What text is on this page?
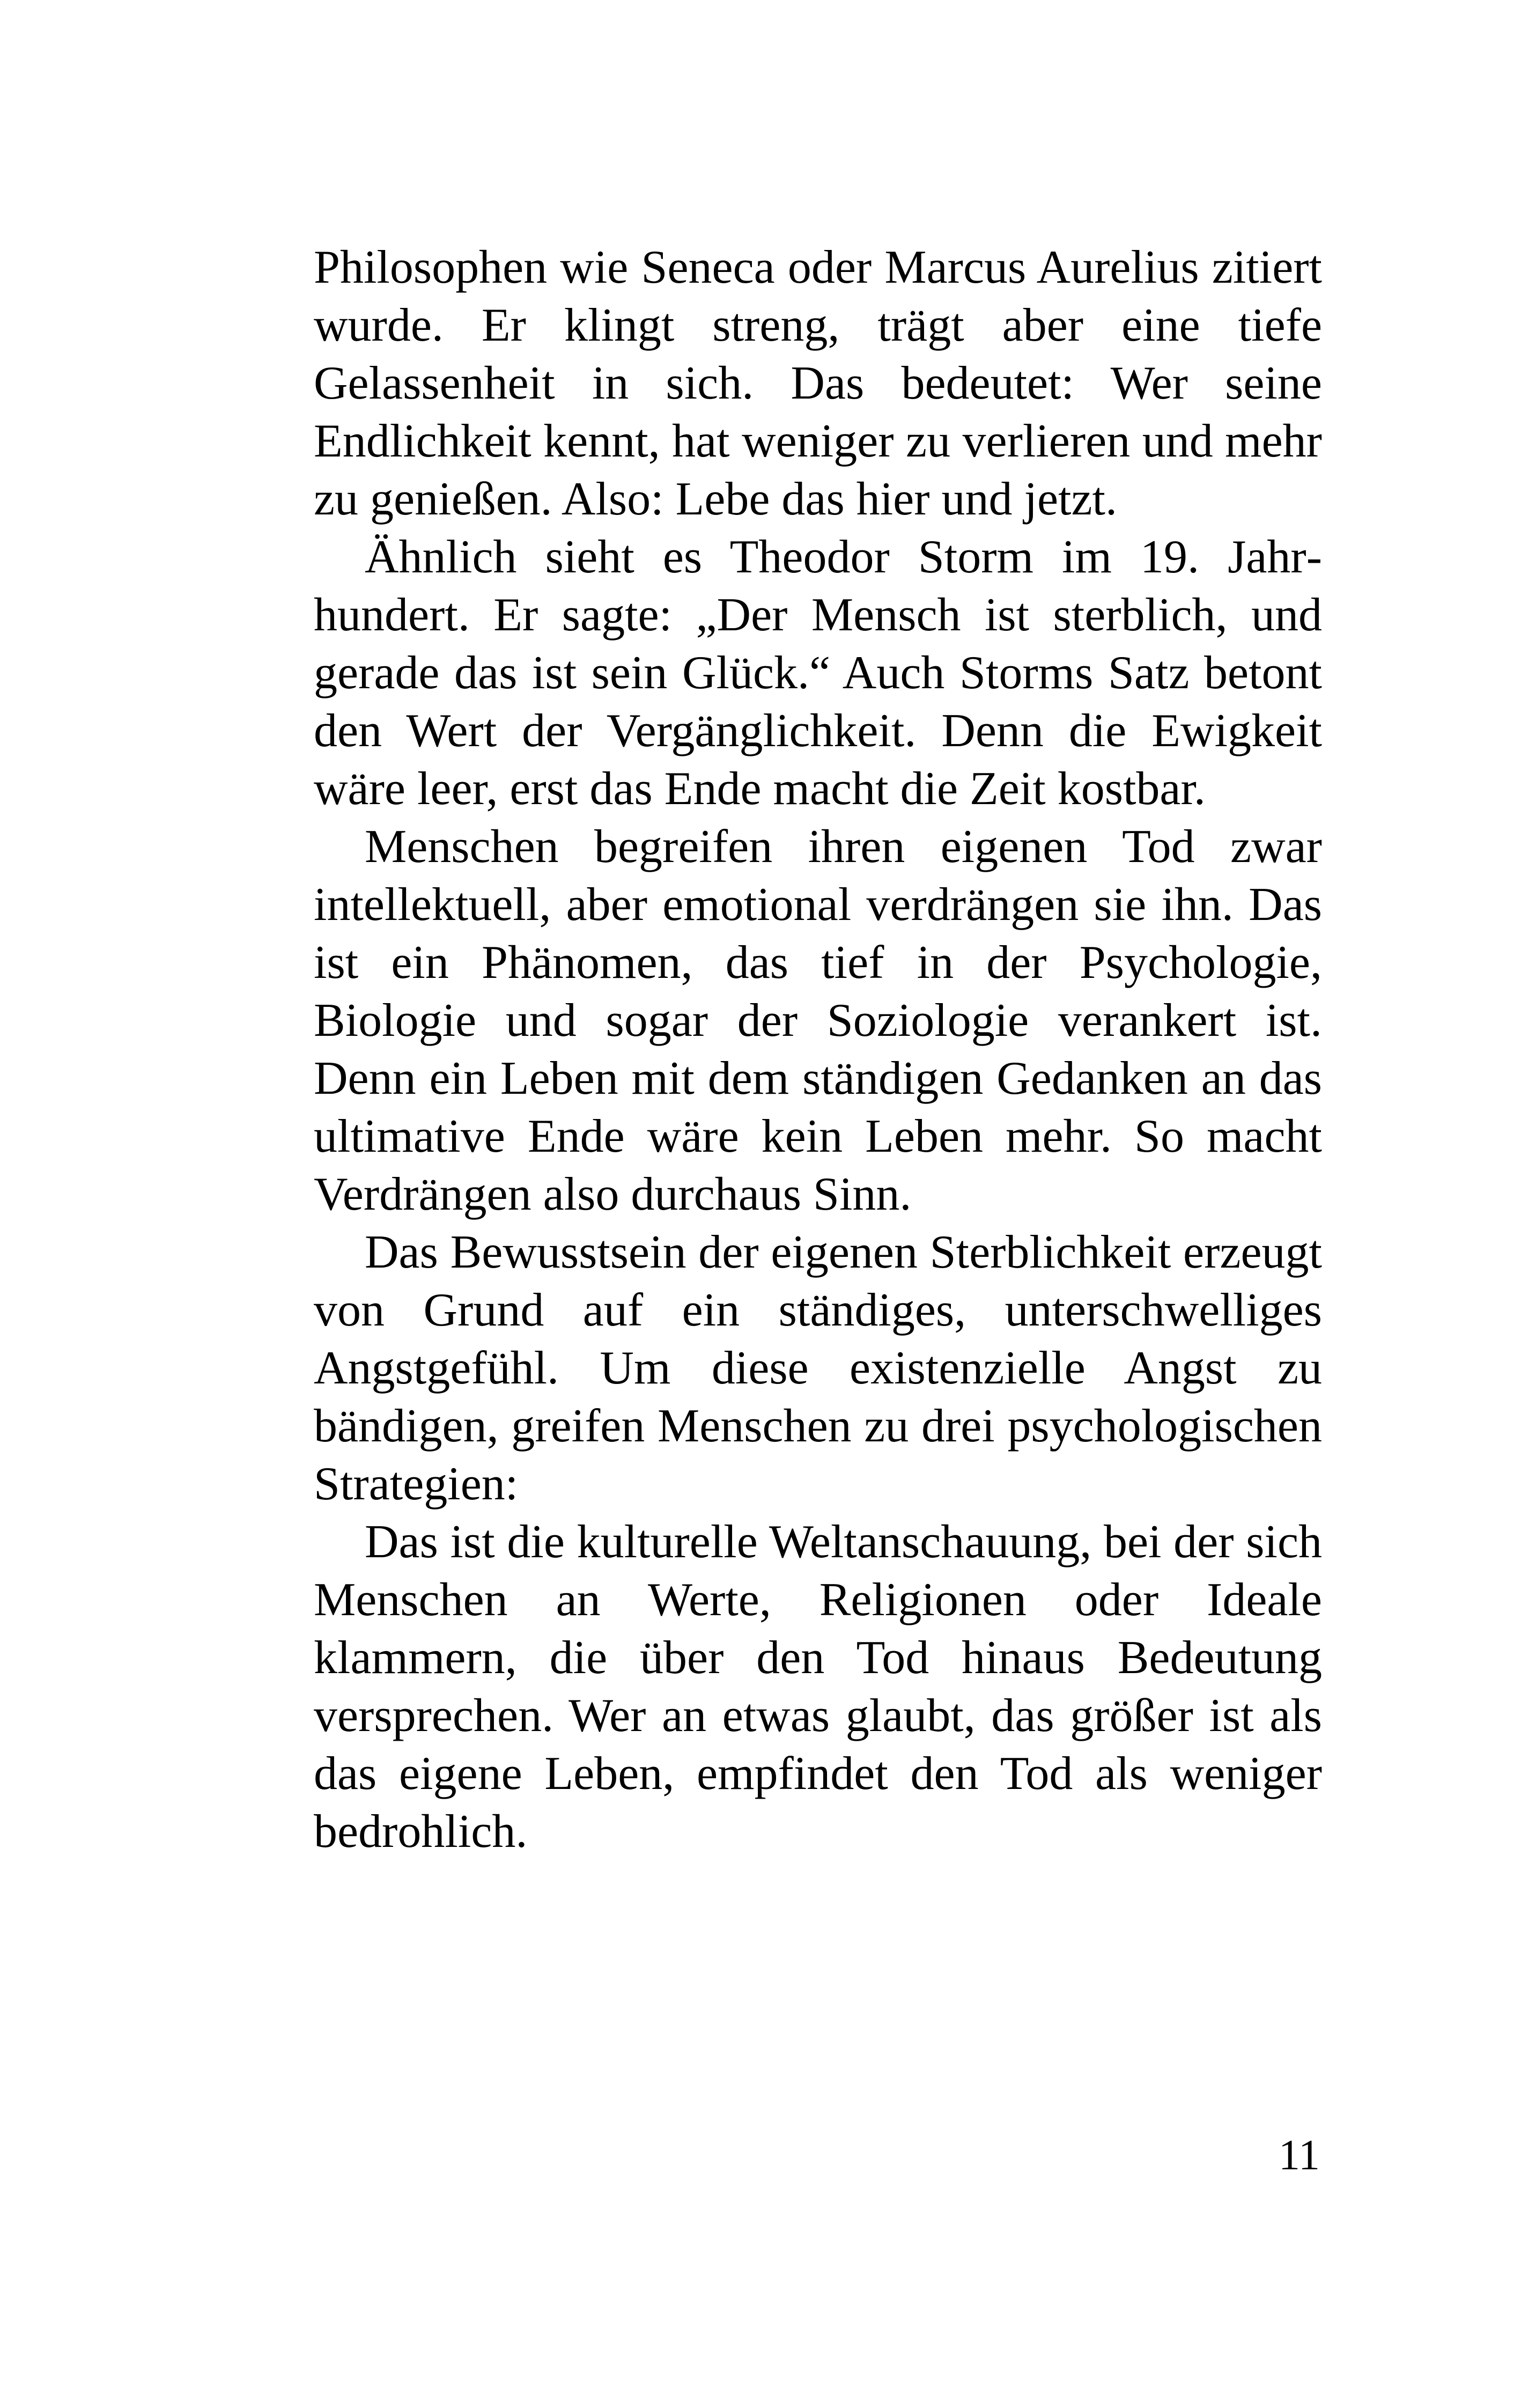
Philosophen wie Seneca oder Marcus Aurelius zitiert wurde. Er klingt streng, trägt aber eine tiefe Gelassenheit in sich. Das bedeutet: Wer seine Endlichkeit kennt, hat weniger zu verlieren und mehr zu genießen. Also: Lebe das hier und jetzt.

Ähnlich sieht es Theodor Storm im 19. Jahrhundert. Er sagte: „Der Mensch ist sterblich, und gerade das ist sein Glück.“ Auch Storms Satz betont den Wert der Vergänglichkeit. Denn die Ewigkeit wäre leer, erst das Ende macht die Zeit kostbar.

Menschen begreifen ihren eigenen Tod zwar intellektuell, aber emotional verdrängen sie ihn. Das ist ein Phänomen, das tief in der Psychologie, Biologie und sogar der Soziologie verankert ist. Denn ein Leben mit dem ständigen Gedanken an das ultimative Ende wäre kein Leben mehr. So macht Verdrängen also durchaus Sinn.

Das Bewusstsein der eigenen Sterblichkeit erzeugt von Grund auf ein ständiges, unterschwelliges Angstgefühl. Um diese existenzielle Angst zu bändigen, greifen Menschen zu drei psychologischen Strategien:

Das ist die kulturelle Weltanschauung, bei der sich Menschen an Werte, Religionen oder Ideale klammern, die über den Tod hinaus Bedeutung versprechen. Wer an etwas glaubt, das größer ist als das eigene Leben, empfindet den Tod als weniger bedrohlich.

11
